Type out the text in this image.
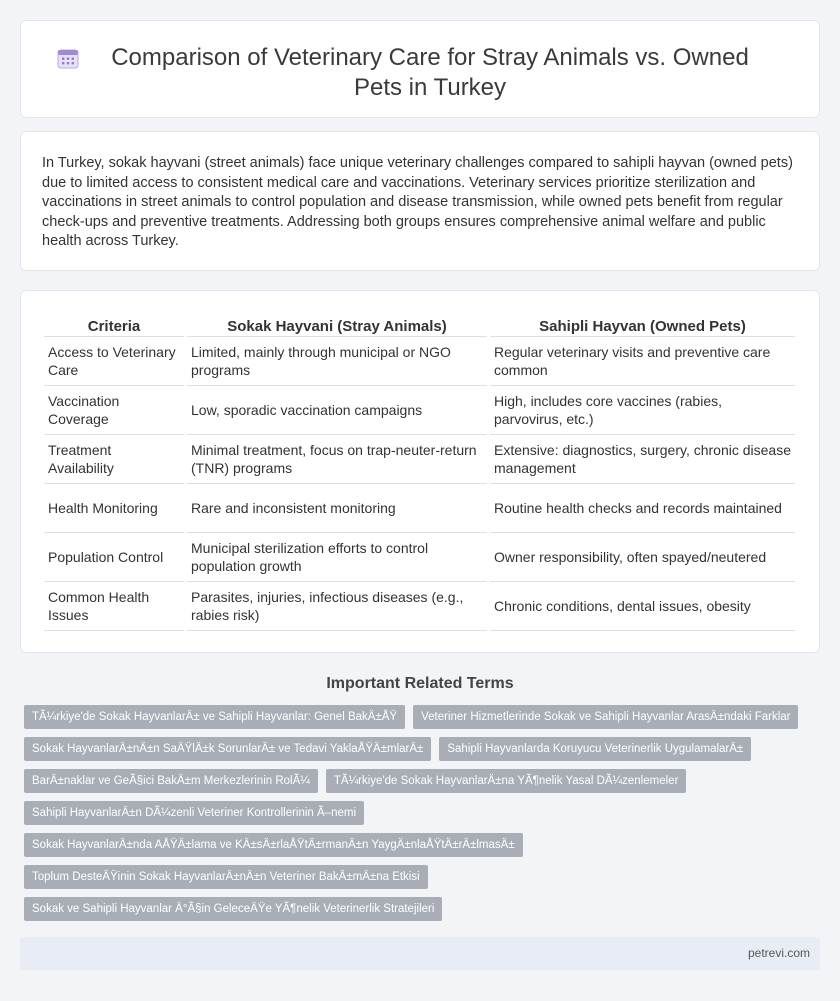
Comparison of Veterinary Care for Stray Animals vs. Owned Pets in Turkey

In Turkey, sokak hayvani (street animals) face unique veterinary challenges compared to sahipli hayvan (owned pets) due to limited access to consistent medical care and vaccinations. Veterinary services prioritize sterilization and vaccinations in street animals to control population and disease transmission, while owned pets benefit from regular check-ups and preventive treatments. Addressing both groups ensures comprehensive animal welfare and public health across Turkey.

Criteria	Sokak Hayvani (Stray Animals)	Sahipli Hayvan (Owned Pets)
Access to Veterinary Care	Limited, mainly through municipal or NGO programs	Regular veterinary visits and preventive care common
Vaccination Coverage	Low, sporadic vaccination campaigns	High, includes core vaccines (rabies, parvovirus, etc.)
Treatment Availability	Minimal treatment, focus on trap-neuter-return (TNR) programs	Extensive: diagnostics, surgery, chronic disease management
Health Monitoring	Rare and inconsistent monitoring	Routine health checks and records maintained
Population Control	Municipal sterilization efforts to control population growth	Owner responsibility, often spayed/neutered
Common Health Issues	Parasites, injuries, infectious diseases (e.g., rabies risk)	Chronic conditions, dental issues, obesity
Important Related Terms
TÃ¼rkiye'de Sokak HayvanlarÄ± ve Sahipli Hayvanlar: Genel BakÄ±ÅŸ	Veteriner Hizmetlerinde Sokak ve Sahipli Hayvanlar ArasÄ±ndaki Farklar
Sokak HayvanlarÄ±nÄ±n SaÄŸlÄ±k SorunlarÄ± ve Tedavi YaklaÅŸÄ±mlarÄ±	Sahipli Hayvanlarda Koruyucu Veterinerlik UygulamalarÄ±
BarÄ±naklar ve GeÃ§ici BakÄ±m Merkezlerinin RolÃ¼	TÃ¼rkiye'de Sokak HayvanlarÄ±na YÃ¶nelik Yasal DÃ¼zenlemeler
Sahipli HayvanlarÄ±n DÃ¼zenli Veteriner Kontrollerinin Ã–nemi
Sokak HayvanlarÄ±nda AÅŸÄ±lama ve KÄ±sÄ±rlaÅŸtÄ±rmanÄ±n YaygÄ±nlaÅŸtÄ±rÄ±lmasÄ±
Toplum DesteÄŸinin Sokak HayvanlarÄ±nÄ±n Veteriner BakÄ±mÄ±na Etkisi
Sokak ve Sahipli Hayvanlar Ä°Ã§in GeleceÄŸe YÃ¶nelik Veterinerlik Stratejileri
petrevi.com
